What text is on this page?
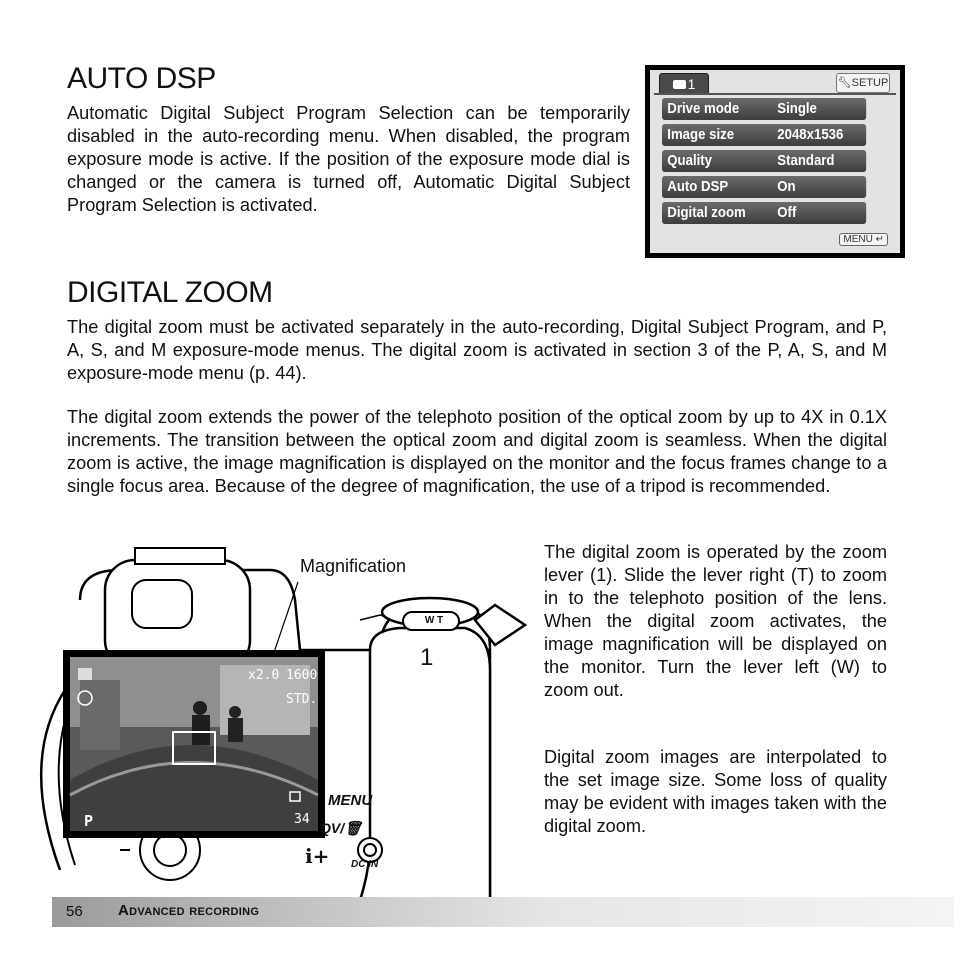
AUTO DSP

Automatic Digital Subject Program Selection can be temporarily disabled in the auto-recording menu. When disabled, the program exposure mode is active. If the position of the exposure mode dial is changed or the camera is turned off, Automatic Digital Subject Program Selection is activated.

1	🔧︎SETUP
Drive mode	Single
Image size	2048x1536
Quality	Standard
Auto DSP	On
Digital zoom Off
MENU ↵
DIGITAL ZOOM

The digital zoom must be activated separately in the auto-recording, Digital Subject Program, and P, A, S, and M exposure-mode menus. The digital zoom is activated in section 3 of the P, A, S, and M exposure-mode menu (p. 44).

The digital zoom extends the power of the telephoto position of the optical zoom by up to 4X in 0.1X increments. The transition between the optical zoom and digital zoom is seamless. When the digital zoom is active, the image magnification is displayed on the monitor and the focus frames change to a single focus area. Because of the degree of magnification, the use of a tripod is recommended.

Magnification
1
W T
x2.0 1600
STD.
P	34
MENU
QV/🗑︎
i+ DC IN

The digital zoom is operated by the zoom lever (1). Slide the lever right (T) to zoom in to the telephoto position of the lens. When the digital zoom activates, the image magnification will be displayed on the monitor. Turn the lever left (W) to zoom out.

Digital zoom images are interpolated to the set image size. Some loss of quality may be evident with images taken with the digital zoom.

56 Advanced recording
